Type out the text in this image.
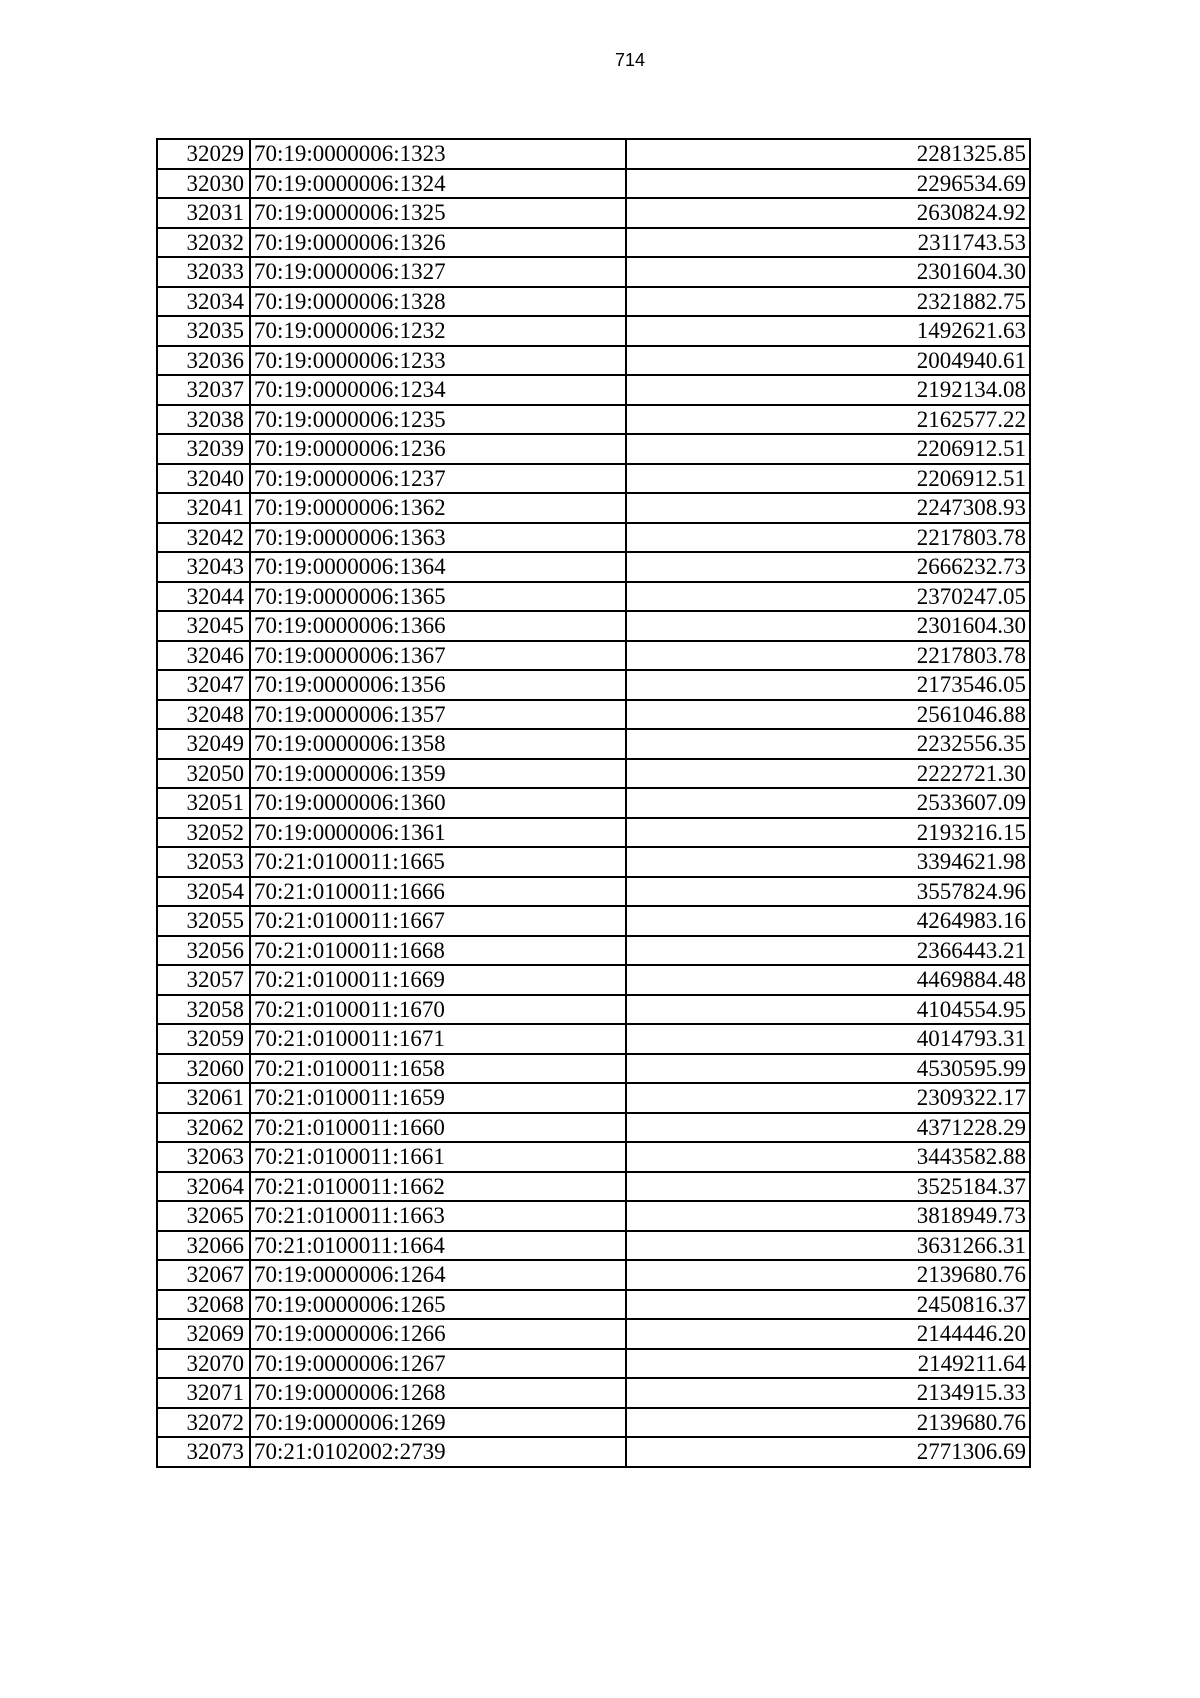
714
32029	70:19:0000006:1323	2281325.85
32030	70:19:0000006:1324	2296534.69
32031	70:19:0000006:1325	2630824.92
32032	70:19:0000006:1326	2311743.53
32033	70:19:0000006:1327	2301604.30
32034	70:19:0000006:1328	2321882.75
32035	70:19:0000006:1232	1492621.63
32036	70:19:0000006:1233	2004940.61
32037	70:19:0000006:1234	2192134.08
32038	70:19:0000006:1235	2162577.22
32039	70:19:0000006:1236	2206912.51
32040	70:19:0000006:1237	2206912.51
32041	70:19:0000006:1362	2247308.93
32042	70:19:0000006:1363	2217803.78
32043	70:19:0000006:1364	2666232.73
32044	70:19:0000006:1365	2370247.05
32045	70:19:0000006:1366	2301604.30
32046	70:19:0000006:1367	2217803.78
32047	70:19:0000006:1356	2173546.05
32048	70:19:0000006:1357	2561046.88
32049	70:19:0000006:1358	2232556.35
32050	70:19:0000006:1359	2222721.30
32051	70:19:0000006:1360	2533607.09
32052	70:19:0000006:1361	2193216.15
32053	70:21:0100011:1665	3394621.98
32054	70:21:0100011:1666	3557824.96
32055	70:21:0100011:1667	4264983.16
32056	70:21:0100011:1668	2366443.21
32057	70:21:0100011:1669	4469884.48
32058	70:21:0100011:1670	4104554.95
32059	70:21:0100011:1671	4014793.31
32060	70:21:0100011:1658	4530595.99
32061	70:21:0100011:1659	2309322.17
32062	70:21:0100011:1660	4371228.29
32063	70:21:0100011:1661	3443582.88
32064	70:21:0100011:1662	3525184.37
32065	70:21:0100011:1663	3818949.73
32066	70:21:0100011:1664	3631266.31
32067	70:19:0000006:1264	2139680.76
32068	70:19:0000006:1265	2450816.37
32069	70:19:0000006:1266	2144446.20
32070	70:19:0000006:1267	2149211.64
32071	70:19:0000006:1268	2134915.33
32072	70:19:0000006:1269	2139680.76
32073	70:21:0102002:2739	2771306.69
